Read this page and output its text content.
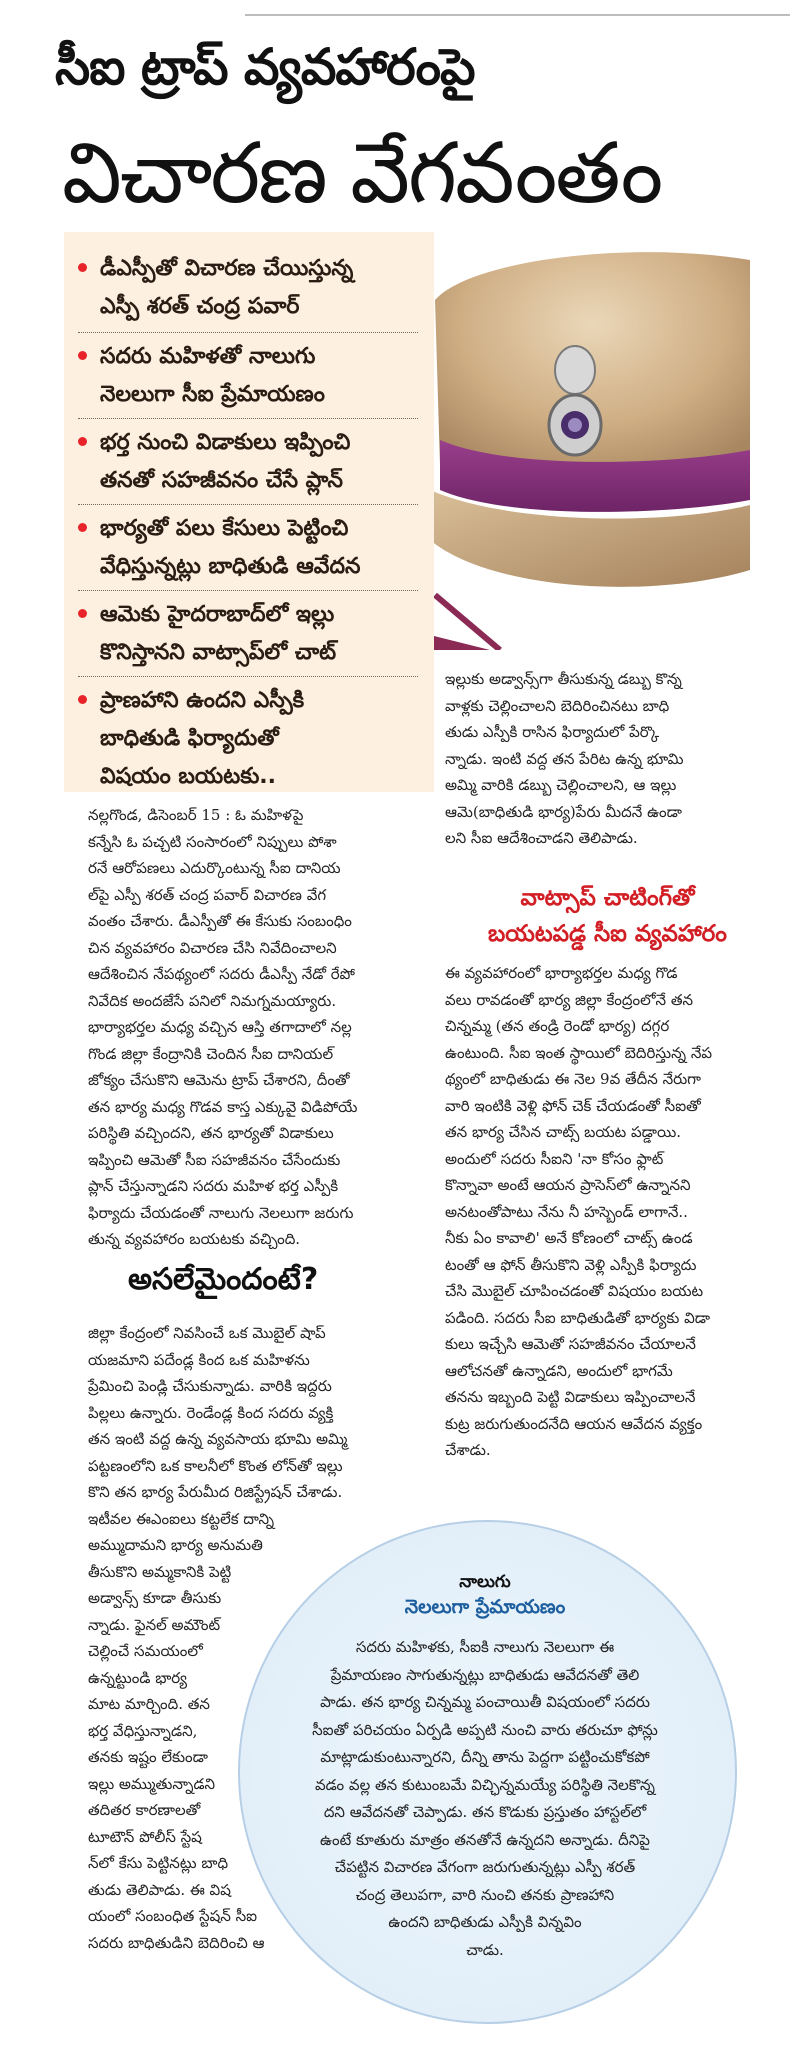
సీఐ ట్రాప్ వ్యవహారంపై
విచారణ వేగవంతం
డీఎస్పీతో విచారణ చేయిస్తున్న
ఎస్పీ శరత్ చంద్ర పవార్
సదరు మహిళతో నాలుగు
నెలలుగా సీఐ ప్రేమాయణం
భర్త నుంచి విడాకులు ఇప్పించి
తనతో సహజీవనం చేసే ప్లాన్
భార్యతో పలు కేసులు పెట్టించి
వేధిస్తున్నట్లు బాధితుడి ఆవేదన
ఆమెకు హైదరాబాద్‌లో ఇల్లు
కొనిస్తానని వాట్సాప్‌లో చాట్
ప్రాణహాని ఉందని ఎస్పీకి
బాధితుడి ఫిర్యాదుతో
విషయం బయటకు..
నల్లగొండ, డిసెంబర్ 15 : ఓ మహిళపై
కన్నేసి ఓ పచ్చటి సంసారంలో నిప్పులు పోశా
రనే ఆరోపణలు ఎదుర్కొంటున్న సీఐ దానియ
ల్‌పై ఎస్పీ శరత్ చంద్ర పవార్ విచారణ వేగ
వంతం చేశారు. డీఎస్పీతో ఈ కేసుకు సంబంధిం
చిన వ్యవహారం విచారణ చేసి నివేదించాలని
ఆదేశించిన నేపథ్యంలో సదరు డీఎస్పీ నేడో రేపో
నివేదిక అందజేసే పనిలో నిమగ్నమయ్యారు.
భార్యాభర్తల మధ్య వచ్చిన ఆస్తి తగాదాలో నల్ల
గొండ జిల్లా కేంద్రానికి చెందిన సీఐ దానియల్
జోక్యం చేసుకొని ఆమెను ట్రాప్ చేశారని, దీంతో
తన భార్య మధ్య గొడవ కాస్త ఎక్కువై విడిపోయే
పరిస్థితి వచ్చిందని, తన భార్యతో విడాకులు
ఇప్పించి ఆమెతో సీఐ సహజీవనం చేసేందుకు
ప్లాన్ చేస్తున్నాడని సదరు మహిళ భర్త ఎస్పీకి
ఫిర్యాదు చేయడంతో నాలుగు నెలలుగా జరుగు
తున్న వ్యవహారం బయటకు వచ్చింది.
అసలేమైందంటే?
జిల్లా కేంద్రంలో నివసించే ఒక మొబైల్ షాప్
యజమాని పదేండ్ల కింద ఒక మహిళను
ప్రేమించి పెండ్లి చేసుకున్నాడు. వారికి ఇద్దరు
పిల్లలు ఉన్నారు. రెండేండ్ల కింద సదరు వ్యక్తి
తన ఇంటి వద్ద ఉన్న వ్యవసాయ భూమి అమ్మి
పట్టణంలోని ఒక కాలనీలో కొంత లోన్‌తో ఇల్లు
కొని తన భార్య పేరుమీద రిజిస్ట్రేషన్ చేశాడు.
ఇటీవల ఈఎంఐలు కట్టలేక దాన్ని
అమ్ముదామని భార్య అనుమతి
తీసుకొని అమ్మకానికి పెట్టి
అడ్వాన్స్ కూడా తీసుకు
న్నాడు. ఫైనల్ అమౌంట్
చెల్లించే సమయంలో
ఉన్నట్టుండి భార్య
మాట మార్చింది. తన
భర్త వేధిస్తున్నాడని,
తనకు ఇష్టం లేకుండా
ఇల్లు అమ్ముతున్నాడని
తదితర కారణాలతో
టూటౌన్ పోలీస్ స్టేష
న్‌లో కేసు పెట్టినట్లు బాధి
తుడు తెలిపాడు. ఈ విష
యంలో సంబంధిత స్టేషన్ సీఐ
సదరు బాధితుడిని బెదిరించి ఆ
ఇల్లుకు అడ్వాన్స్‌గా తీసుకున్న డబ్బు కొన్న
వాళ్లకు చెల్లించాలని బెదిరించినటు బాధి
తుడు ఎస్పీకి రాసిన ఫిర్యాదులో పేర్కొ
న్నాడు. ఇంటి వద్ద తన పేరిట ఉన్న భూమి
అమ్మి వారికి డబ్బు చెల్లించాలని, ఆ ఇల్లు
ఆమె(బాధితుడి భార్య)పేరు మీదనే ఉండా
లని సీఐ ఆదేశించాడని తెలిపాడు.
వాట్సాప్ చాటింగ్‌తో
బయటపడ్డ సీఐ వ్యవహారం
ఈ వ్యవహారంలో భార్యాభర్తల మధ్య గొడ
వలు రావడంతో భార్య జిల్లా కేంద్రంలోనే తన
చిన్నమ్మ (తన తండ్రి రెండో భార్య) దగ్గర
ఉంటుంది. సీఐ ఇంత స్థాయిలో బెదిరిస్తున్న నేప
థ్యంలో బాధితుడు ఈ నెల 9వ తేదీన నేరుగా
వారి ఇంటికి వెళ్లి ఫోన్ చెక్ చేయడంతో సీఐతో
తన భార్య చేసిన చాట్స్ బయట పడ్డాయి.
అందులో సదరు సీఐని 'నా కోసం ఫ్లాట్
కొన్నావా అంటే ఆయన ప్రాసెస్‌లో ఉన్నానని
అనటంతోపాటు నేను నీ హస్బెండ్ లాగానే..
నీకు ఏం కావాలి' అనే కోణంలో చాట్స్ ఉండ
టంతో ఆ ఫోన్ తీసుకొని వెళ్లి ఎస్పీకి ఫిర్యాదు
చేసి మొబైల్ చూపించడంతో విషయం బయట
పడింది. సదరు సీఐ బాధితుడితో భార్యకు విడా
కులు ఇచ్చేసి ఆమెతో సహజీవనం చేయాలనే
ఆలోచనతో ఉన్నాడని, అందులో భాగమే
తనను ఇబ్బంది పెట్టి విడాకులు ఇప్పించాలనే
కుట్ర జరుగుతుందనేది ఆయన ఆవేదన వ్యక్తం
చేశాడు.
నాలుగు
నెలలుగా ప్రేమాయణం
సదరు మహిళకు, సీఐకి నాలుగు నెలలుగా ఈ
ప్రేమాయణం సాగుతున్నట్లు బాధితుడు ఆవేదనతో తెలి
పాడు. తన భార్య చిన్నమ్మ పంచాయితీ విషయంలో సదరు
సీఐతో పరిచయం ఏర్పడి అప్పటి నుంచి వారు తరుచూ ఫోన్లు
మాట్లాడుకుంటున్నారని, దీన్ని తాను పెద్దగా పట్టించుకోకపో
వడం వల్ల తన కుటుంబమే విచ్ఛిన్నమయ్యే పరిస్థితి నెలకొన్న
దని ఆవేదనతో చెప్పాడు. తన కొడుకు ప్రస్తుతం హాస్టల్‌లో
ఉంటే కూతురు మాత్రం తనతోనే ఉన్నదని అన్నాడు. దీనిపై
చేపట్టిన విచారణ వేగంగా జరుగుతున్నట్లు ఎస్పీ శరత్
చంద్ర తెలుపగా, వారి నుంచి తనకు ప్రాణహాని
ఉందని బాధితుడు ఎస్పీకి విన్నవిం
చాడు.
